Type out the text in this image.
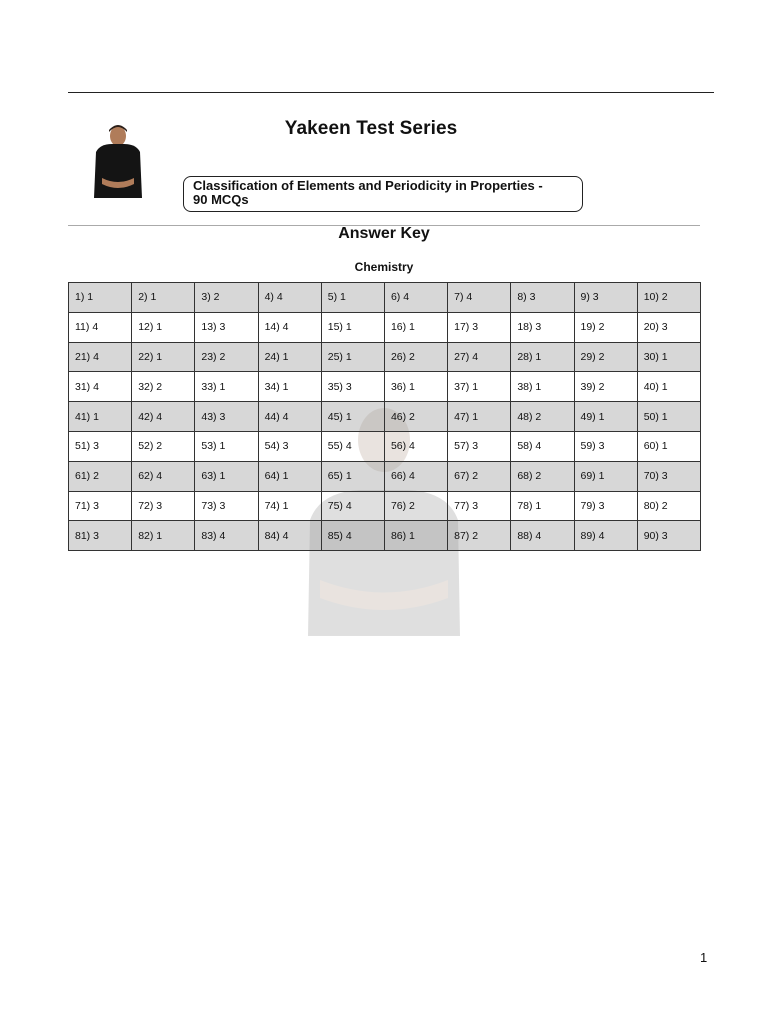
Yakeen Test Series
Classification of Elements and Periodicity in Properties -
90 MCQs
Answer Key
Chemistry
1) 1	2) 1	3) 2	4) 4	5) 1	6) 4	7) 4	8) 3	9) 3	10) 2
11) 4	12) 1	13) 3	14) 4	15) 1	16) 1	17) 3	18) 3	19) 2	20) 3
21) 4	22) 1	23) 2	24) 1	25) 1	26) 2	27) 4	28) 1	29) 2	30) 1
31) 4	32) 2	33) 1	34) 1	35) 3	36) 1	37) 1	38) 1	39) 2	40) 1
41) 1	42) 4	43) 3	44) 4	45) 1	46) 2	47) 1	48) 2	49) 1	50) 1
51) 3	52) 2	53) 1	54) 3	55) 4	56) 4	57) 3	58) 4	59) 3	60) 1
61) 2	62) 4	63) 1	64) 1	65) 1	66) 4	67) 2	68) 2	69) 1	70) 3
71) 3	72) 3	73) 3	74) 1	75) 4	76) 2	77) 3	78) 1	79) 3	80) 2
81) 3	82) 1	83) 4	84) 4	85) 4	86) 1	87) 2	88) 4	89) 4	90) 3
1
